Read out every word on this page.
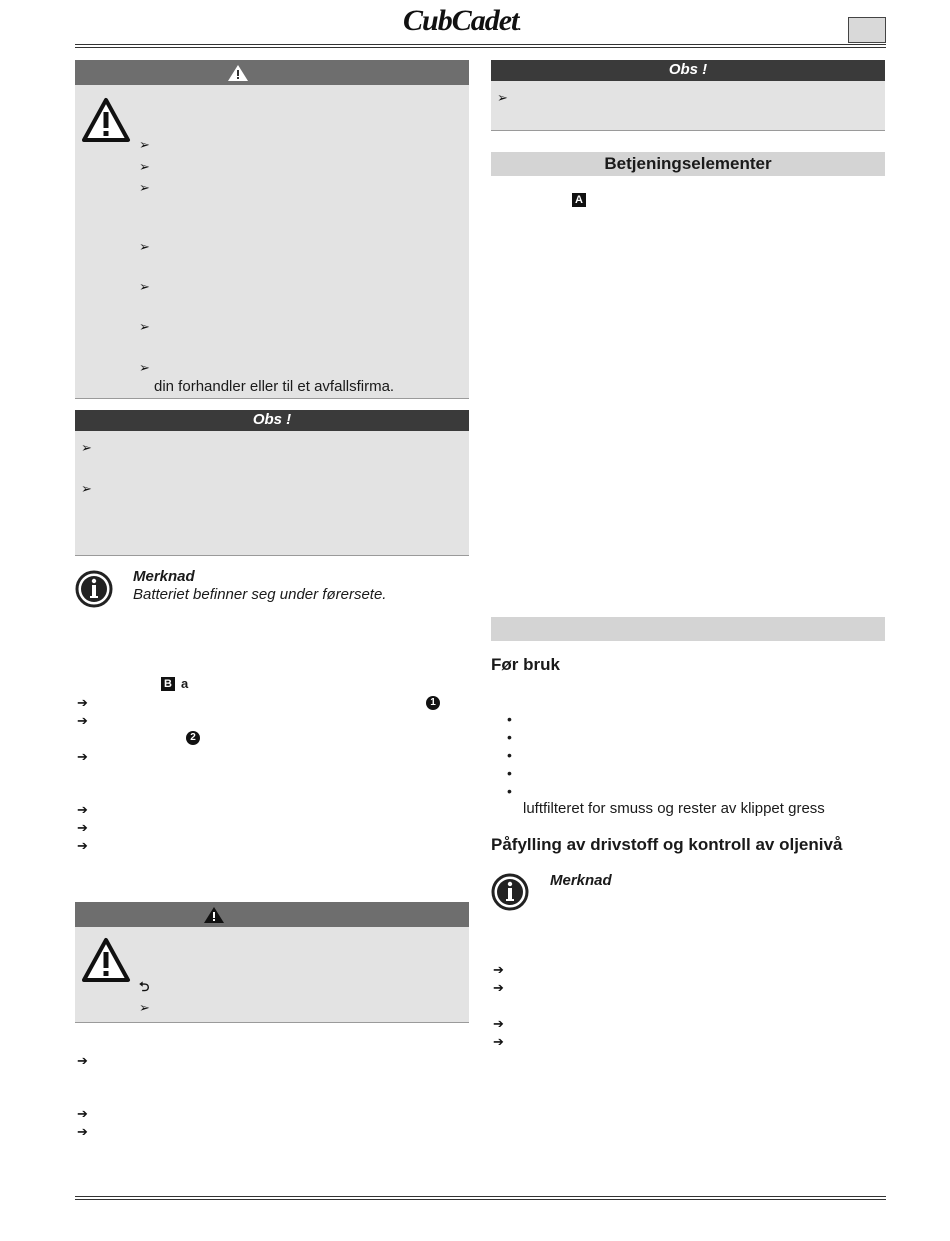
CubCadet.
➢
➢
➢
➢
➢
➢
➢
din forhandler eller til et avfallsfirma.
Obs !
➢
➢
Merknad
Batteriet befinner seg under førersete.
B a
➔	1
➔
2
➔
➔
➔
➔
⮌
➢
➔
➔
➔
Obs !
➢
Betjeningselementer
A
Før bruk
•
•
•
•
•
luftfilteret for smuss og rester av klippet gress
Påfylling av drivstoff og kontroll av oljenivå
Merknad
➔
➔
➔
➔
